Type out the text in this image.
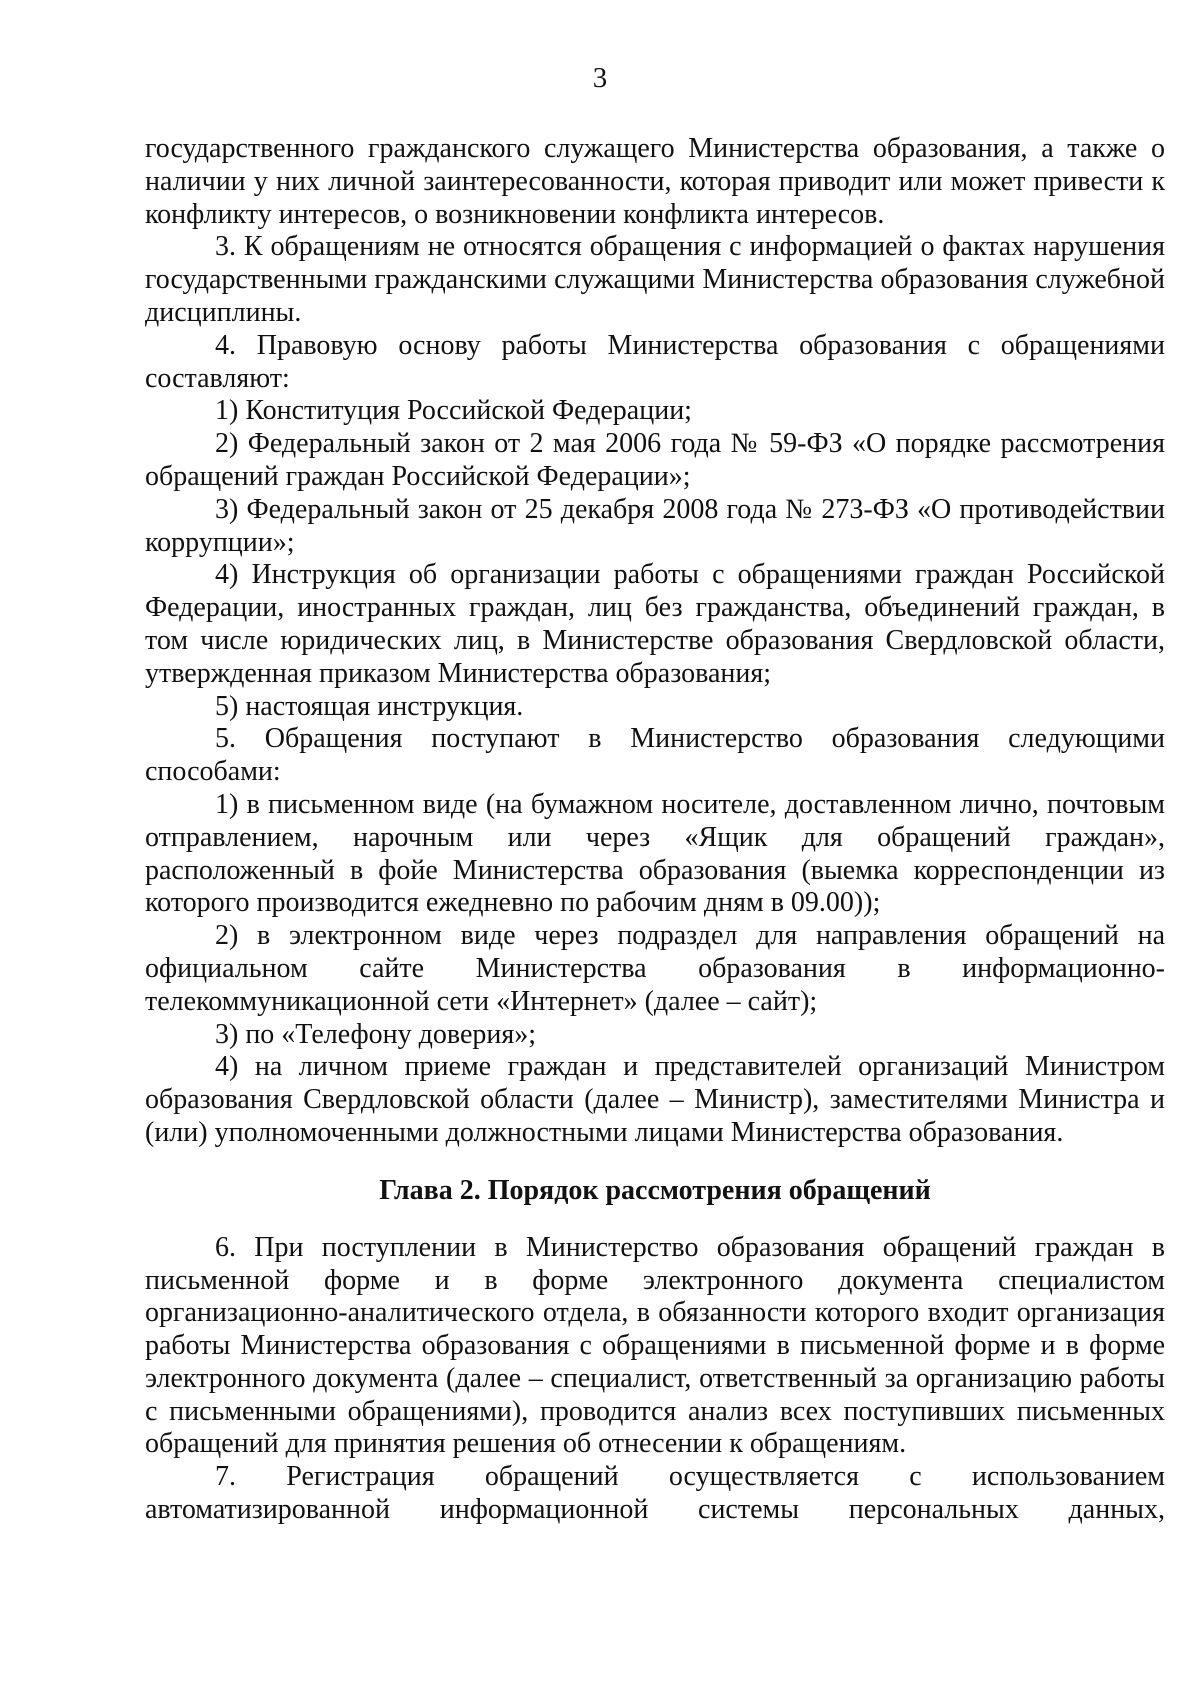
3

государственного гражданского служащего Министерства образования, а также о наличии у них личной заинтересованности, которая приводит или может привести к конфликту интересов, о возникновении конфликта интересов.

3. К обращениям не относятся обращения с информацией о фактах нарушения государственными гражданскими служащими Министерства образования служебной дисциплины.

4. Правовую основу работы Министерства образования с обращениями составляют:

1) Конституция Российской Федерации;

2) Федеральный закон от 2 мая 2006 года № 59-ФЗ «О порядке рассмотрения обращений граждан Российской Федерации»;

3) Федеральный закон от 25 декабря 2008 года № 273-ФЗ «О противодействии коррупции»;

4) Инструкция об организации работы с обращениями граждан Российской Федерации, иностранных граждан, лиц без гражданства, объединений граждан, в том числе юридических лиц, в Министерстве образования Свердловской области, утвержденная приказом Министерства образования;

5) настоящая инструкция.

5. Обращения поступают в Министерство образования следующими способами:

1) в письменном виде (на бумажном носителе, доставленном лично, почтовым отправлением, нарочным или через «Ящик для обращений граждан», расположенный в фойе Министерства образования (выемка корреспонденции из которого производится ежедневно по рабочим дням в 09.00));

2) в электронном виде через подраздел для направления обращений на официальном сайте Министерства образования в информационно-телекоммуникационной сети «Интернет» (далее – сайт);

3) по «Телефону доверия»;

4) на личном приеме граждан и представителей организаций Министром образования Свердловской области (далее – Министр), заместителями Министра и (или) уполномоченными должностными лицами Министерства образования.

Глава 2. Порядок рассмотрения обращений

6. При поступлении в Министерство образования обращений граждан в письменной форме и в форме электронного документа специалистом организационно-аналитического отдела, в обязанности которого входит организация работы Министерства образования с обращениями в письменной форме и в форме электронного документа (далее – специалист, ответственный за организацию работы с письменными обращениями), проводится анализ всех поступивших письменных обращений для принятия решения об отнесении к обращениям.

7. Регистрация обращений осуществляется с использованием автоматизированной информационной системы персональных данных,
